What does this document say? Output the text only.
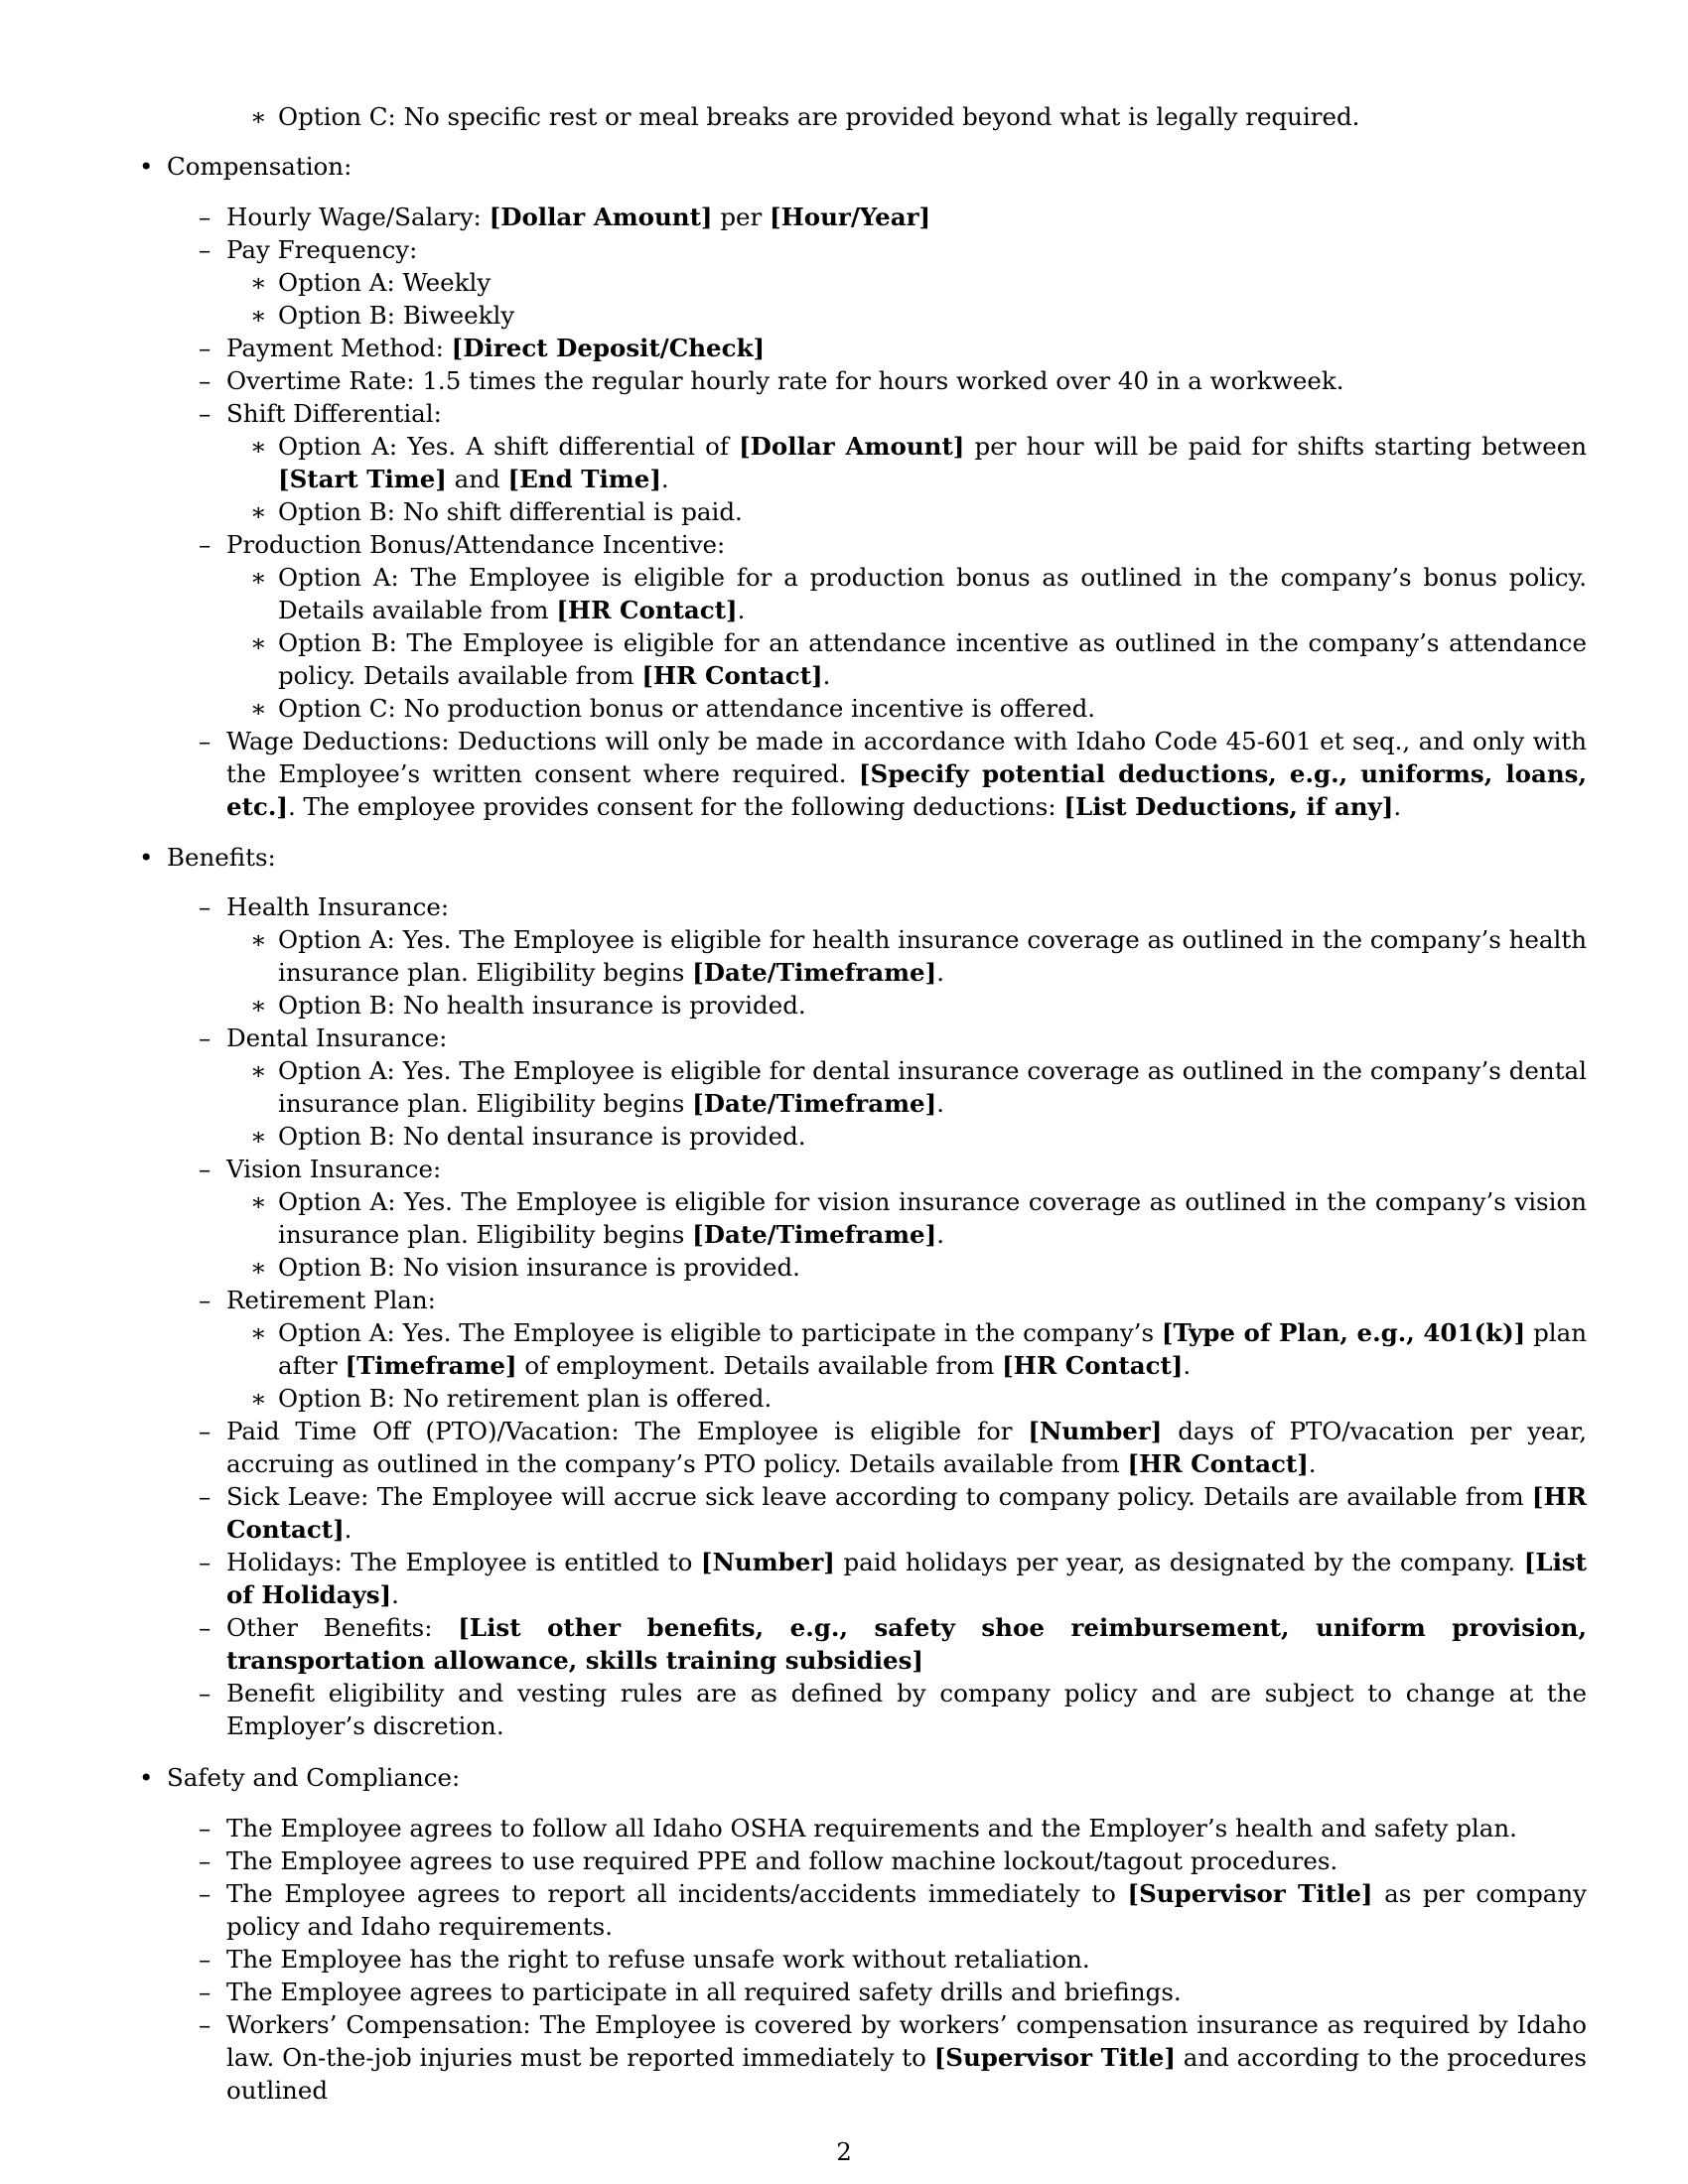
∗ Option C: No specific rest or meal breaks are provided beyond what is legally required.
• Compensation:
– Hourly Wage/Salary: [Dollar Amount] per [Hour/Year]
– Pay Frequency:
∗ Option A: Weekly
∗ Option B: Biweekly
– Payment Method: [Direct Deposit/Check]
– Overtime Rate: 1.5 times the regular hourly rate for hours worked over 40 in a workweek.
– Shift Differential:
∗ Option A: Yes. A shift differential of [Dollar Amount] per hour will be paid for shifts starting between [Start Time] and [End Time].
∗ Option B: No shift differential is paid.
– Production Bonus/Attendance Incentive:
∗ Option A: The Employee is eligible for a production bonus as outlined in the company’s bonus policy. Details available from [HR Contact].
∗ Option B: The Employee is eligible for an attendance incentive as outlined in the company’s attendance policy. Details available from [HR Contact].
∗ Option C: No production bonus or attendance incentive is offered.
– Wage Deductions: Deductions will only be made in accordance with Idaho Code 45-601 et seq., and only with the Employee’s written consent where required. [Specify potential deductions, e.g., uniforms, loans, etc.]. The employee provides consent for the following deductions: [List Deductions, if any].
• Benefits:
– Health Insurance:
∗ Option A: Yes. The Employee is eligible for health insurance coverage as outlined in the company’s health insurance plan. Eligibility begins [Date/Timeframe].
∗ Option B: No health insurance is provided.
– Dental Insurance:
∗ Option A: Yes. The Employee is eligible for dental insurance coverage as outlined in the company’s dental insurance plan. Eligibility begins [Date/Timeframe].
∗ Option B: No dental insurance is provided.
– Vision Insurance:
∗ Option A: Yes. The Employee is eligible for vision insurance coverage as outlined in the company’s vision insurance plan. Eligibility begins [Date/Timeframe].
∗ Option B: No vision insurance is provided.
– Retirement Plan:
∗ Option A: Yes. The Employee is eligible to participate in the company’s [Type of Plan, e.g., 401(k)] plan after [Timeframe] of employment. Details available from [HR Contact].
∗ Option B: No retirement plan is offered.
– Paid Time Off (PTO)/Vacation: The Employee is eligible for [Number] days of PTO/vacation per year, accruing as outlined in the company’s PTO policy. Details available from [HR Contact].
– Sick Leave: The Employee will accrue sick leave according to company policy. Details are available from [HR Contact].
– Holidays: The Employee is entitled to [Number] paid holidays per year, as designated by the company. [List of Holidays].
– Other Benefits: [List other benefits, e.g., safety shoe reimbursement, uniform provision, transportation allowance, skills training subsidies]
– Benefit eligibility and vesting rules are as defined by company policy and are subject to change at the Employer’s discretion.
• Safety and Compliance:
– The Employee agrees to follow all Idaho OSHA requirements and the Employer’s health and safety plan.
– The Employee agrees to use required PPE and follow machine lockout/tagout procedures.
– The Employee agrees to report all incidents/accidents immediately to [Supervisor Title] as per company policy and Idaho requirements.
– The Employee has the right to refuse unsafe work without retaliation.
– The Employee agrees to participate in all required safety drills and briefings.
– Workers’ Compensation: The Employee is covered by workers’ compensation insurance as required by Idaho law. On-the-job injuries must be reported immediately to [Supervisor Title] and according to the procedures outlined
2
